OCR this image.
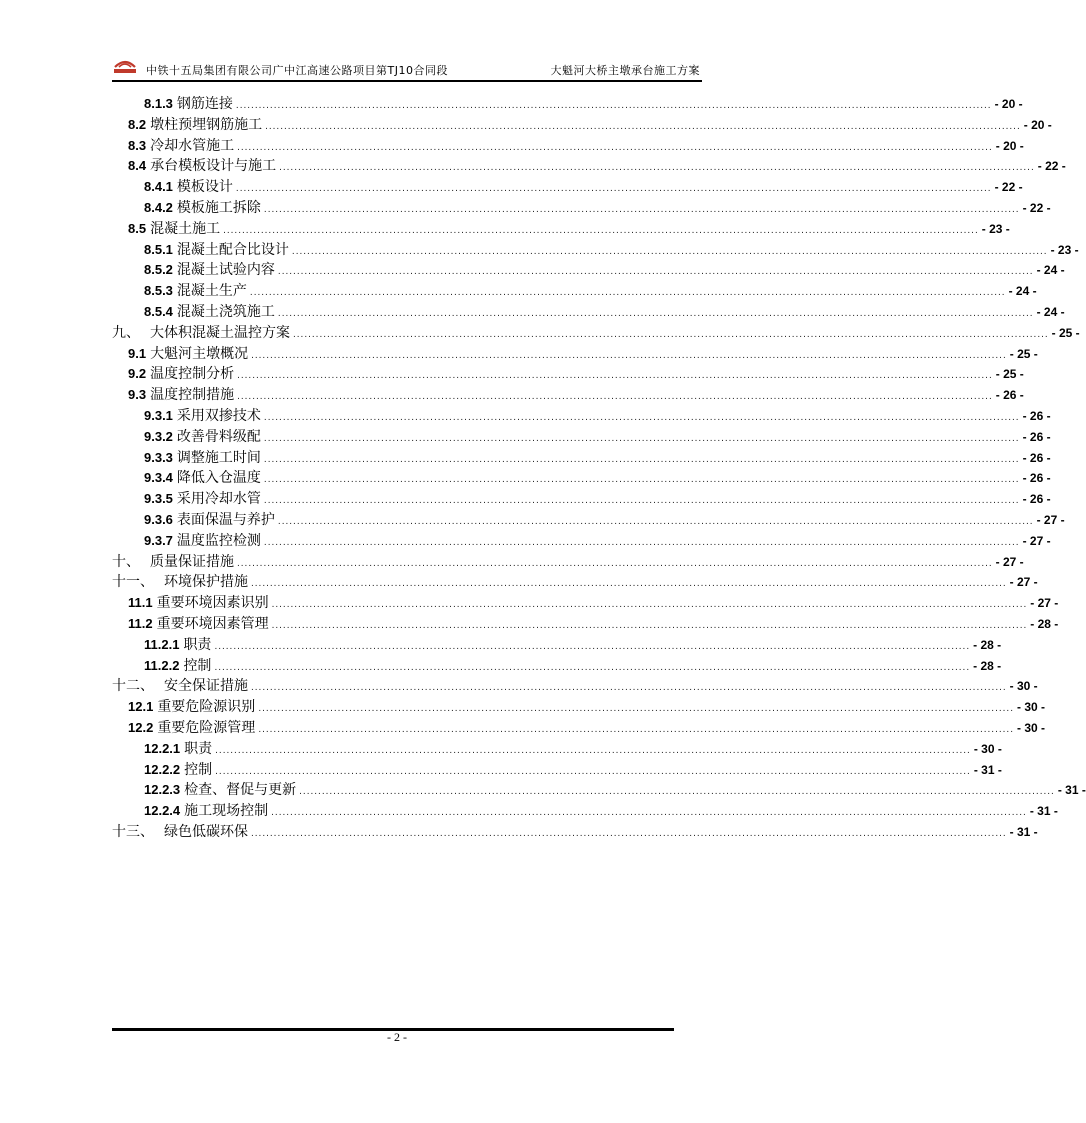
中铁十五局集团有限公司广中江高速公路项目第TJ10合同段	大魁河大桥主墩承台施工方案
8.1.3 钢筋连接 ........................................................................................................................................................................................................ - 20 -
8.2 墩柱预埋钢筋施工 ........................................................................................................................................................................................................ - 20 -
8.3 冷却水管施工 ........................................................................................................................................................................................................ - 20 -
8.4 承台模板设计与施工 ........................................................................................................................................................................................................ - 22 -
8.4.1 模板设计 ........................................................................................................................................................................................................ - 22 -
8.4.2 模板施工拆除 ........................................................................................................................................................................................................ - 22 -
8.5 混凝土施工 ........................................................................................................................................................................................................ - 23 -
8.5.1 混凝土配合比设计 ........................................................................................................................................................................................................ - 23 -
8.5.2 混凝土试验内容 ........................................................................................................................................................................................................ - 24 -
8.5.3 混凝土生产 ........................................................................................................................................................................................................ - 24 -
8.5.4 混凝土浇筑施工 ........................................................................................................................................................................................................ - 24 -
九、 大体积混凝土温控方案 ........................................................................................................................................................................................................ - 25 -
9.1 大魁河主墩概况 ........................................................................................................................................................................................................ - 25 -
9.2 温度控制分析 ........................................................................................................................................................................................................ - 25 -
9.3 温度控制措施 ........................................................................................................................................................................................................ - 26 -
9.3.1 采用双掺技术 ........................................................................................................................................................................................................ - 26 -
9.3.2 改善骨料级配 ........................................................................................................................................................................................................ - 26 -
9.3.3 调整施工时间 ........................................................................................................................................................................................................ - 26 -
9.3.4 降低入仓温度 ........................................................................................................................................................................................................ - 26 -
9.3.5 采用冷却水管 ........................................................................................................................................................................................................ - 26 -
9.3.6 表面保温与养护 ........................................................................................................................................................................................................ - 27 -
9.3.7 温度监控检测 ........................................................................................................................................................................................................ - 27 -
十、 质量保证措施 ........................................................................................................................................................................................................ - 27 -
十一、 环境保护措施 ........................................................................................................................................................................................................ - 27 -
11.1 重要环境因素识别 ........................................................................................................................................................................................................ - 27 -
11.2 重要环境因素管理 ........................................................................................................................................................................................................ - 28 -
11.2.1 职责 ........................................................................................................................................................................................................ - 28 -
11.2.2 控制 ........................................................................................................................................................................................................ - 28 -
十二、 安全保证措施 ........................................................................................................................................................................................................ - 30 -
12.1 重要危险源识别 ........................................................................................................................................................................................................ - 30 -
12.2 重要危险源管理 ........................................................................................................................................................................................................ - 30 -
12.2.1 职责 ........................................................................................................................................................................................................ - 30 -
12.2.2 控制 ........................................................................................................................................................................................................ - 31 -
12.2.3 检查、督促与更新 ........................................................................................................................................................................................................ - 31 -
12.2.4 施工现场控制 ........................................................................................................................................................................................................ - 31 -
十三、 绿色低碳环保 ........................................................................................................................................................................................................ - 31 -
- 2 -
